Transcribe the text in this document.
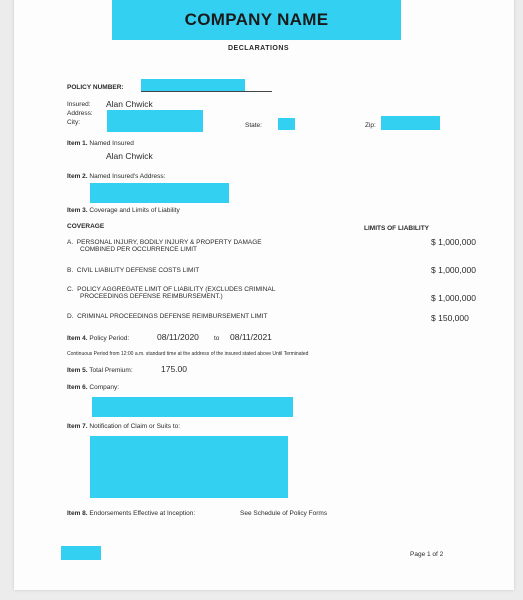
COMPANY NAME
DECLARATIONS
POLICY NUMBER:
Insured: Alan Chwick
Address:
City:	State:	Zip:
Item 1. Named Insured
Alan Chwick
Item 2. Named Insured's Address:
Item 3. Coverage and Limits of Liability
COVERAGE	LIMITS OF LIABILITY
A. PERSONAL INJURY, BODILY INJURY & PROPERTY DAMAGE
COMBINED PER OCCURRENCE LIMIT
$ 1,000,000
B. CIVIL LIABILITY DEFENSE COSTS LIMIT	$ 1,000,000
C. POLICY AGGREGATE LIMIT OF LIABILITY (EXCLUDES CRIMINAL
PROCEEDINGS DEFENSE REIMBURSEMENT.)	$ 1,000,000
D. CRIMINAL PROCEEDINGS DEFENSE REIMBURSEMENT LIMIT	$ 150,000
Item 4. Policy Period:	08/11/2020 to 08/11/2021
Continuous Period from 12:00 a.m. standard time at the address of the insured stated above Until Terminated
Item 5. Total Premium:	175.00
Item 6. Company:
Item 7. Notification of Claim or Suits to:
Item 8. Endorsements Effective at Inception:	See Schedule of Policy Forms
Page 1 of 2
